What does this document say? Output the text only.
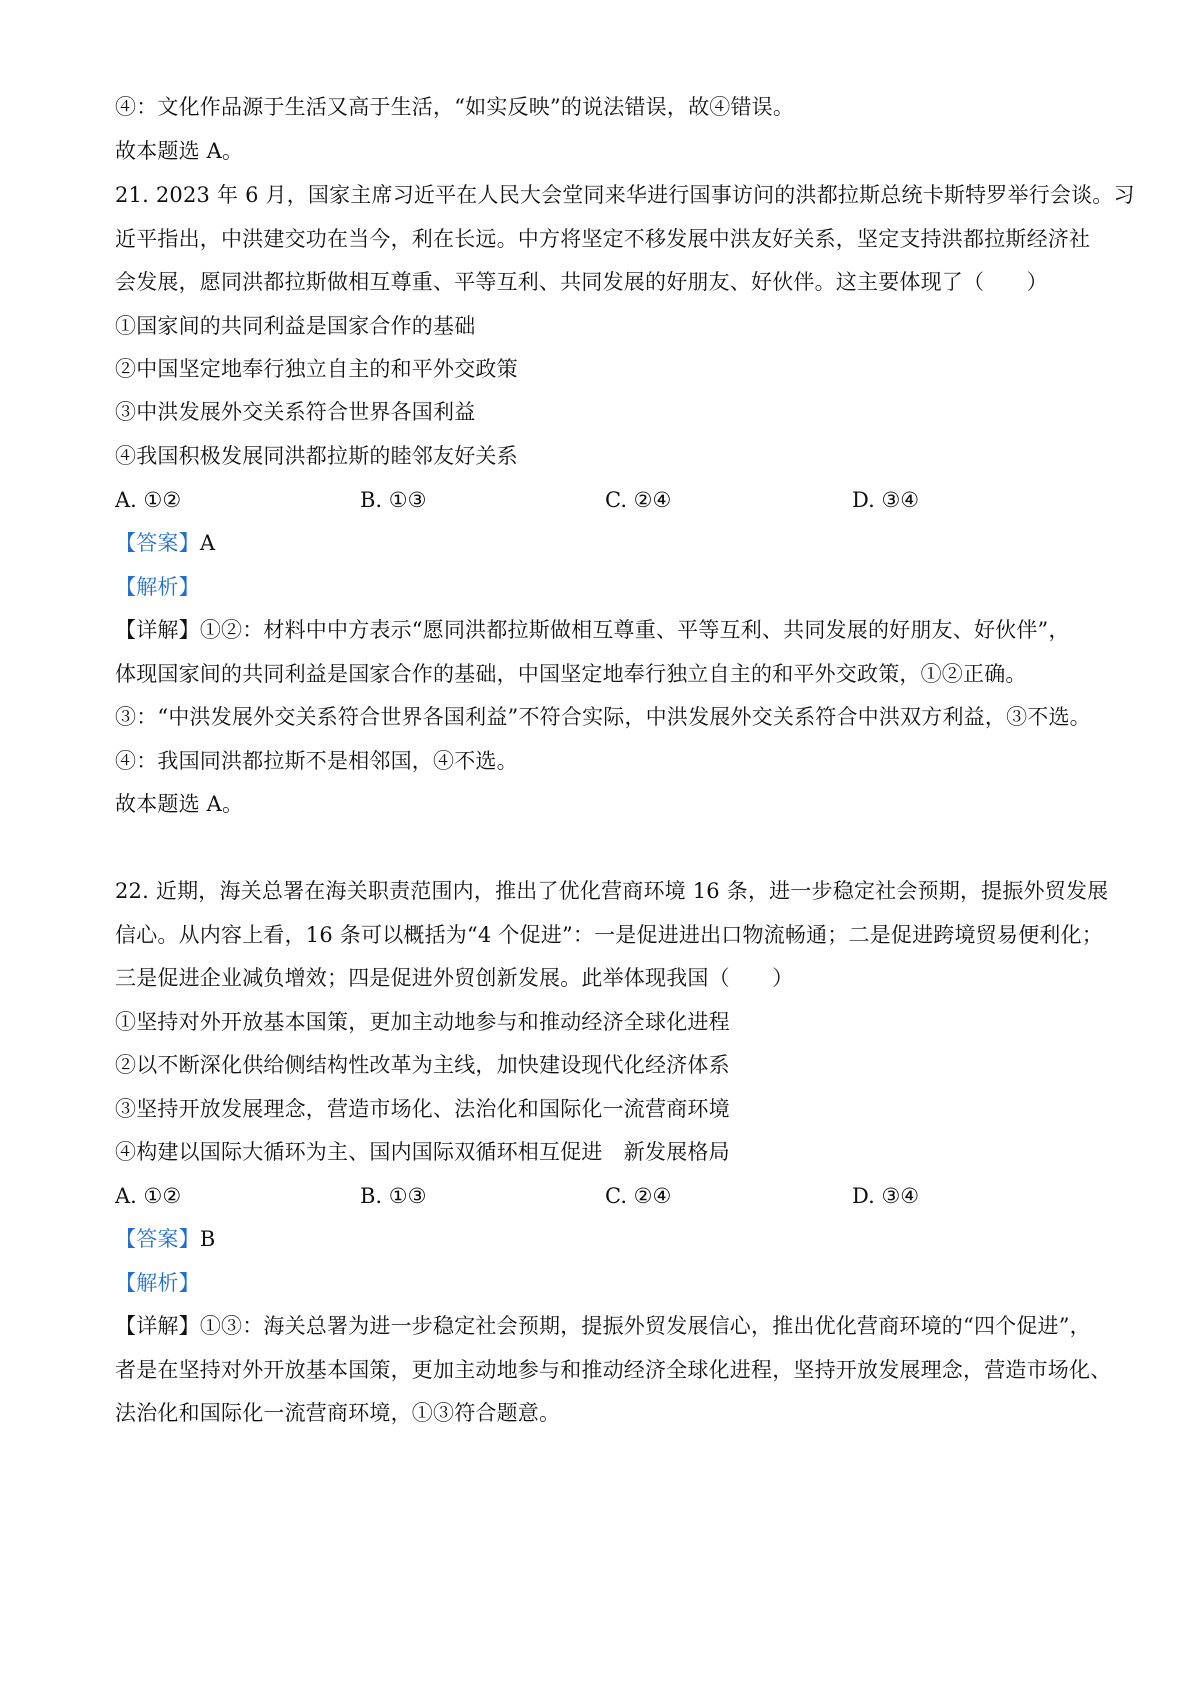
④：文化作品源于生活又高于生活，“如实反映”的说法错误，故④错误。
故本题选 A。
21. 2023 年 6 月，国家主席习近平在人民大会堂同来华进行国事访问的洪都拉斯总统卡斯特罗举行会谈。习
近平指出，中洪建交功在当今，利在长远。中方将坚定不移发展中洪友好关系，坚定支持洪都拉斯经济社
会发展，愿同洪都拉斯做相互尊重、平等互利、共同发展的好朋友、好伙伴。这主要体现了（　　）
①国家间的共同利益是国家合作的基础
②中国坚定地奉行独立自主的和平外交政策
③中洪发展外交关系符合世界各国利益
④我国积极发展同洪都拉斯的睦邻友好关系
A. ①②	B. ①③	C. ②④	D. ③④
【答案】A
【解析】
【详解】①②：材料中中方表示“愿同洪都拉斯做相互尊重、平等互利、共同发展的好朋友、好伙伴”，
体现国家间的共同利益是国家合作的基础，中国坚定地奉行独立自主的和平外交政策，①②正确。
③：“中洪发展外交关系符合世界各国利益”不符合实际，中洪发展外交关系符合中洪双方利益，③不选。
④：我国同洪都拉斯不是相邻国，④不选。
故本题选 A。
22. 近期，海关总署在海关职责范围内，推出了优化营商环境 16 条，进一步稳定社会预期，提振外贸发展
信心。从内容上看，16 条可以概括为“4 个促进”：一是促进进出口物流畅通；二是促进跨境贸易便利化；
三是促进企业减负增效；四是促进外贸创新发展。此举体现我国（　　）
①坚持对外开放基本国策，更加主动地参与和推动经济全球化进程
②以不断深化供给侧结构性改革为主线，加快建设现代化经济体系
③坚持开放发展理念，营造市场化、法治化和国际化一流营商环境
④构建以国际大循环为主、国内国际双循环相互促进　新发展格局
A. ①②	B. ①③	C. ②④	D. ③④
【答案】B
【解析】
【详解】①③：海关总署为进一步稳定社会预期，提振外贸发展信心，推出优化营商环境的“四个促进”，
者是在坚持对外开放基本国策，更加主动地参与和推动经济全球化进程，坚持开放发展理念，营造市场化、
法治化和国际化一流营商环境，①③符合题意。
